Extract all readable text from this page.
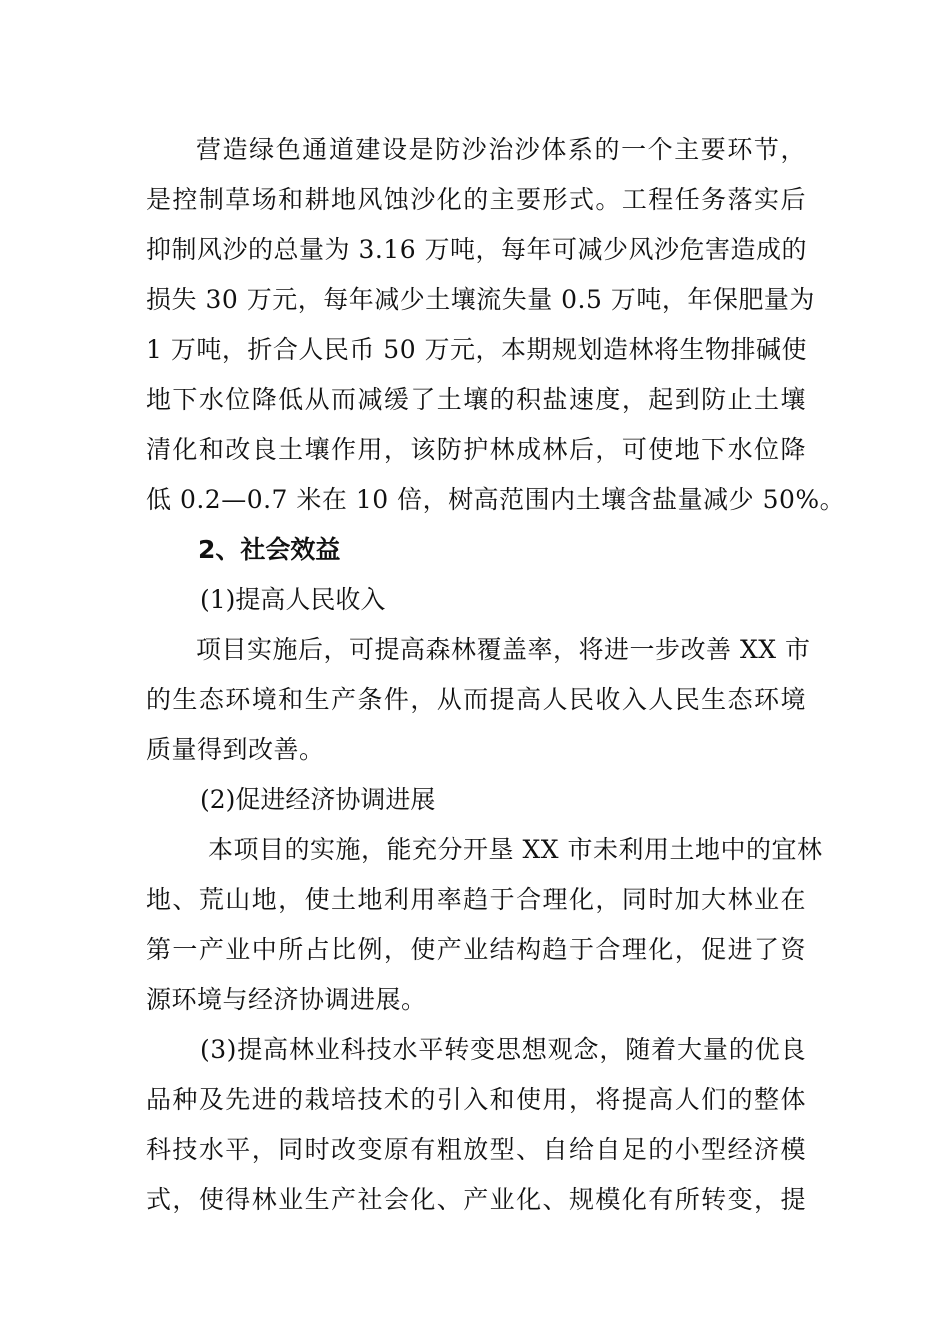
营造绿色通道建设是防沙治沙体系的一个主要环节，
是控制草场和耕地风蚀沙化的主要形式。工程任务落实后
抑制风沙的总量为 3.16 万吨，每年可减少风沙危害造成的
损失 30 万元，每年减少土壤流失量 0.5 万吨，年保肥量为
1 万吨，折合人民币 50 万元，本期规划造林将生物排碱使
地下水位降低从而减缓了土壤的积盐速度，起到防止土壤
清化和改良土壤作用，该防护林成林后，可使地下水位降
低 0.2—0.7 米在 10 倍，树高范围内土壤含盐量减少 50%。
2、社会效益
(1)提高人民收入
项目实施后，可提高森林覆盖率，将进一步改善 XX 市
的生态环境和生产条件，从而提高人民收入人民生态环境
质量得到改善。
(2)促进经济协调进展
本项目的实施，能充分开垦 XX 市未利用土地中的宜林
地、荒山地，使土地利用率趋于合理化，同时加大林业在
第一产业中所占比例，使产业结构趋于合理化，促进了资
源环境与经济协调进展。
(3)提高林业科技水平转变思想观念，随着大量的优良
品种及先进的栽培技术的引入和使用，将提高人们的整体
科技水平，同时改变原有粗放型、自给自足的小型经济模
式，使得林业生产社会化、产业化、规模化有所转变，提
